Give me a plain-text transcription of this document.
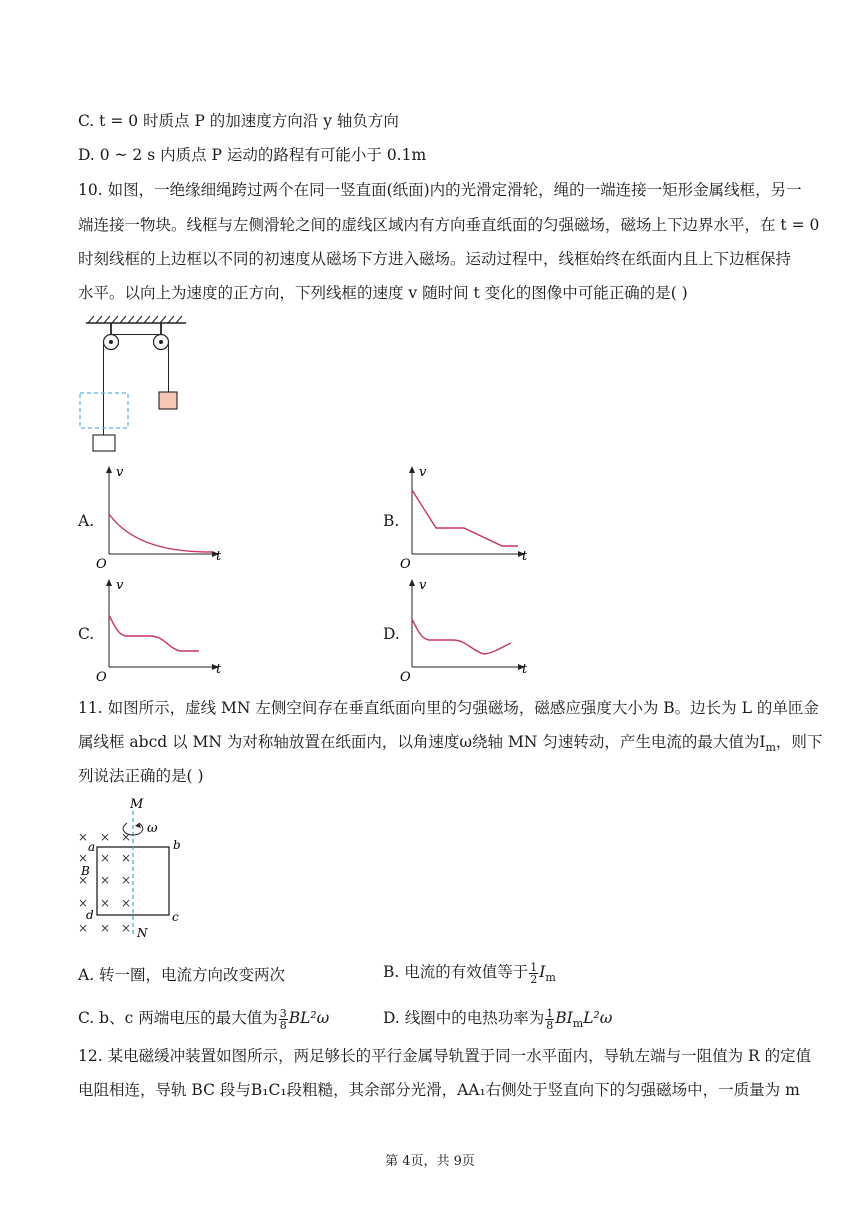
C. t = 0 时质点 P 的加速度方向沿 y 轴负方向
D. 0 ~ 2 s 内质点 P 运动的路程有可能小于 0.1m
10. 如图，一绝缘细绳跨过两个在同一竖直面(纸面)内的光滑定滑轮，绳的一端连接一矩形金属线框，另一
端连接一物块。线框与左侧滑轮之间的虚线区域内有方向垂直纸面的匀强磁场，磁场上下边界水平，在 t = 0
时刻线框的上边框以不同的初速度从磁场下方进入磁场。运动过程中，线框始终在纸面内且上下边框保持
水平。以向上为速度的正方向，下列线框的速度 v 随时间 t 变化的图像中可能正确的是( )
A.
v
t
O
B.
v
t
O
C.
v
t
O
D.
v
t
O
11. 如图所示，虚线 MN 左侧空间存在垂直纸面向里的匀强磁场，磁感应强度大小为 B。边长为 L 的单匝金
属线框 abcd 以 MN 为对称轴放置在纸面内，以角速度ω绕轴 MN 匀速转动，产生电流的最大值为$I_m$，则下
列说法正确的是( )
× × ×
× × ×
× × ×
× × ×
× × ×
M
N
ω
a	b
c
d
B
A. 转一圈，电流方向改变两次	B. 电流的有效值等于 $\frac{1}{2} I_m$
C. b、c 两端电压的最大值为 $\frac{3}{8} BL^2\omega$	D. 线圈中的电热功率为 $\frac{1}{8} BI_mL^2\omega$
12. 某电磁缓冲装置如图所示，两足够长的平行金属导轨置于同一水平面内，导轨左端与一阻值为 R 的定值
电阻相连，导轨 BC 段与B₁C₁段粗糙，其余部分光滑，AA₁右侧处于竖直向下的匀强磁场中，一质量为 m
第 4页，共 9页
